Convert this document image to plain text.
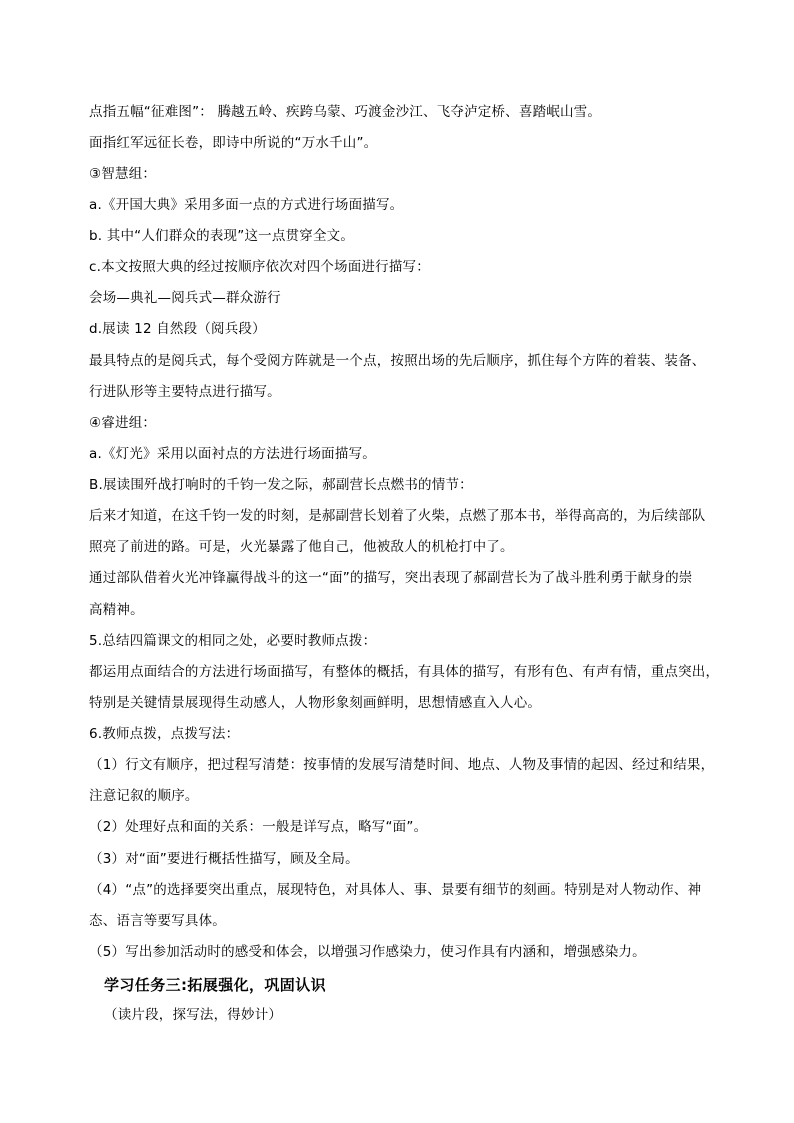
点指五幅“征难图”： 腾越五岭、疾跨乌蒙、巧渡金沙江、飞夺泸定桥、喜踏岷山雪。
面指红军远征长卷，即诗中所说的“万水千山”。
③智慧组：
a.《开国大典》采用多面一点的方式进行场面描写。
b. 其中“人们群众的表现”这一点贯穿全文。
c.本文按照大典的经过按顺序依次对四个场面进行描写：
会场—典礼—阅兵式—群众游行
d.展读 12 自然段（阅兵段）
最具特点的是阅兵式，每个受阅方阵就是一个点，按照出场的先后顺序，抓住每个方阵的着装、装备、
行进队形等主要特点进行描写。
④睿进组：
a.《灯光》采用以面衬点的方法进行场面描写。
B.展读围歼战打响时的千钧一发之际，郝副营长点燃书的情节：
后来才知道，在这千钧一发的时刻，是郝副营长划着了火柴，点燃了那本书，举得高高的，为后续部队
照亮了前进的路。可是，火光暴露了他自己，他被敌人的机枪打中了。
通过部队借着火光冲锋赢得战斗的这一“面”的描写，突出表现了郝副营长为了战斗胜利勇于献身的崇
高精神。
5.总结四篇课文的相同之处，必要时教师点拨：
都运用点面结合的方法进行场面描写，有整体的概括，有具体的描写，有形有色、有声有情，重点突出，
特别是关键情景展现得生动感人，人物形象刻画鲜明，思想情感直入人心。
6.教师点拨，点拨写法：
（1）行文有顺序，把过程写清楚：按事情的发展写清楚时间、地点、人物及事情的起因、经过和结果，
注意记叙的顺序。
（2）处理好点和面的关系：一般是详写点，略写“面”。
（3）对“面”要进行概括性描写，顾及全局。
（4）“点”的选择要突出重点，展现特色，对具体人、事、景要有细节的刻画。特别是对人物动作、神
态、语言等要写具体。
（5）写出参加活动时的感受和体会，以增强习作感染力，使习作具有内涵和，增强感染力。
学习任务三:拓展强化，巩固认识
（读片段，探写法，得妙计）
